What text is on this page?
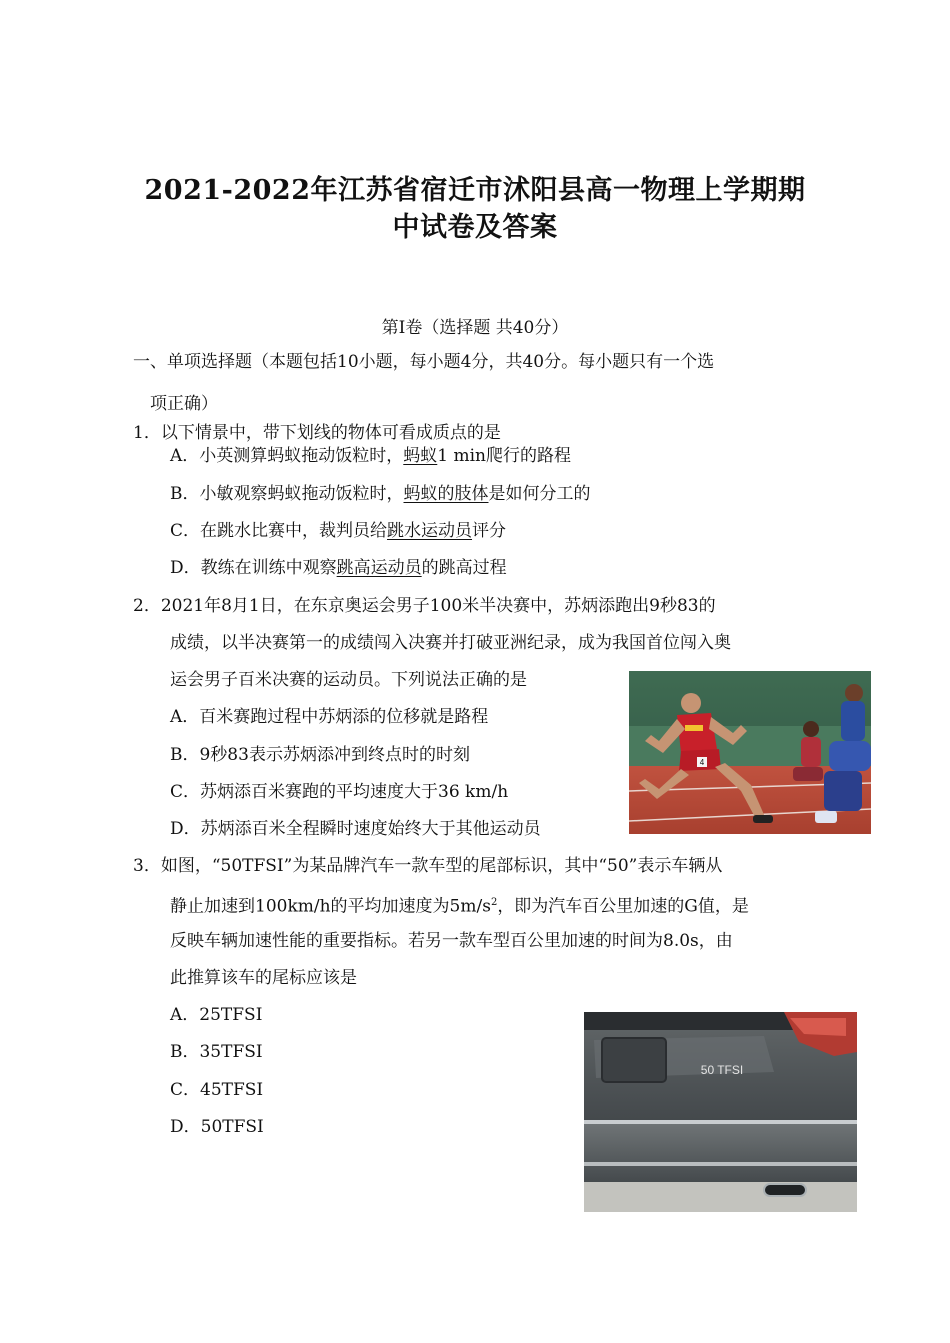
2021-2022年江苏省宿迁市沭阳县高一物理上学期期
中试卷及答案
第Ⅰ卷（选择题 共40分）
一、单项选择题（本题包括10小题，每小题4分，共40分。每小题只有一个选
项正确）
1．以下情景中，带下划线的物体可看成质点的是
A．小英测算蚂蚁拖动饭粒时，蚂蚁1 min爬行的路程
B．小敏观察蚂蚁拖动饭粒时，蚂蚁的肢体是如何分工的
C．在跳水比赛中，裁判员给跳水运动员评分
D．教练在训练中观察跳高运动员的跳高过程
2．2021年8月1日，在东京奥运会男子100米半决赛中，苏炳添跑出9秒83的
成绩，以半决赛第一的成绩闯入决赛并打破亚洲纪录，成为我国首位闯入奥
运会男子百米决赛的运动员。下列说法正确的是
A．百米赛跑过程中苏炳添的位移就是路程
B．9秒83表示苏炳添冲到终点时的时刻
C．苏炳添百米赛跑的平均速度大于36 km/h
D．苏炳添百米全程瞬时速度始终大于其他运动员
4
3．如图，“50TFSI”为某品牌汽车一款车型的尾部标识，其中“50”表示车辆从
静止加速到100km/h的平均加速度为$5m/s^2$，即为汽车百公里加速的G值，是
反映车辆加速性能的重要指标。若另一款车型百公里加速的时间为8.0s，由
此推算该车的尾标应该是
A．25TFSI
B．35TFSI
C．45TFSI
D．50TFSI
50 TFSI
